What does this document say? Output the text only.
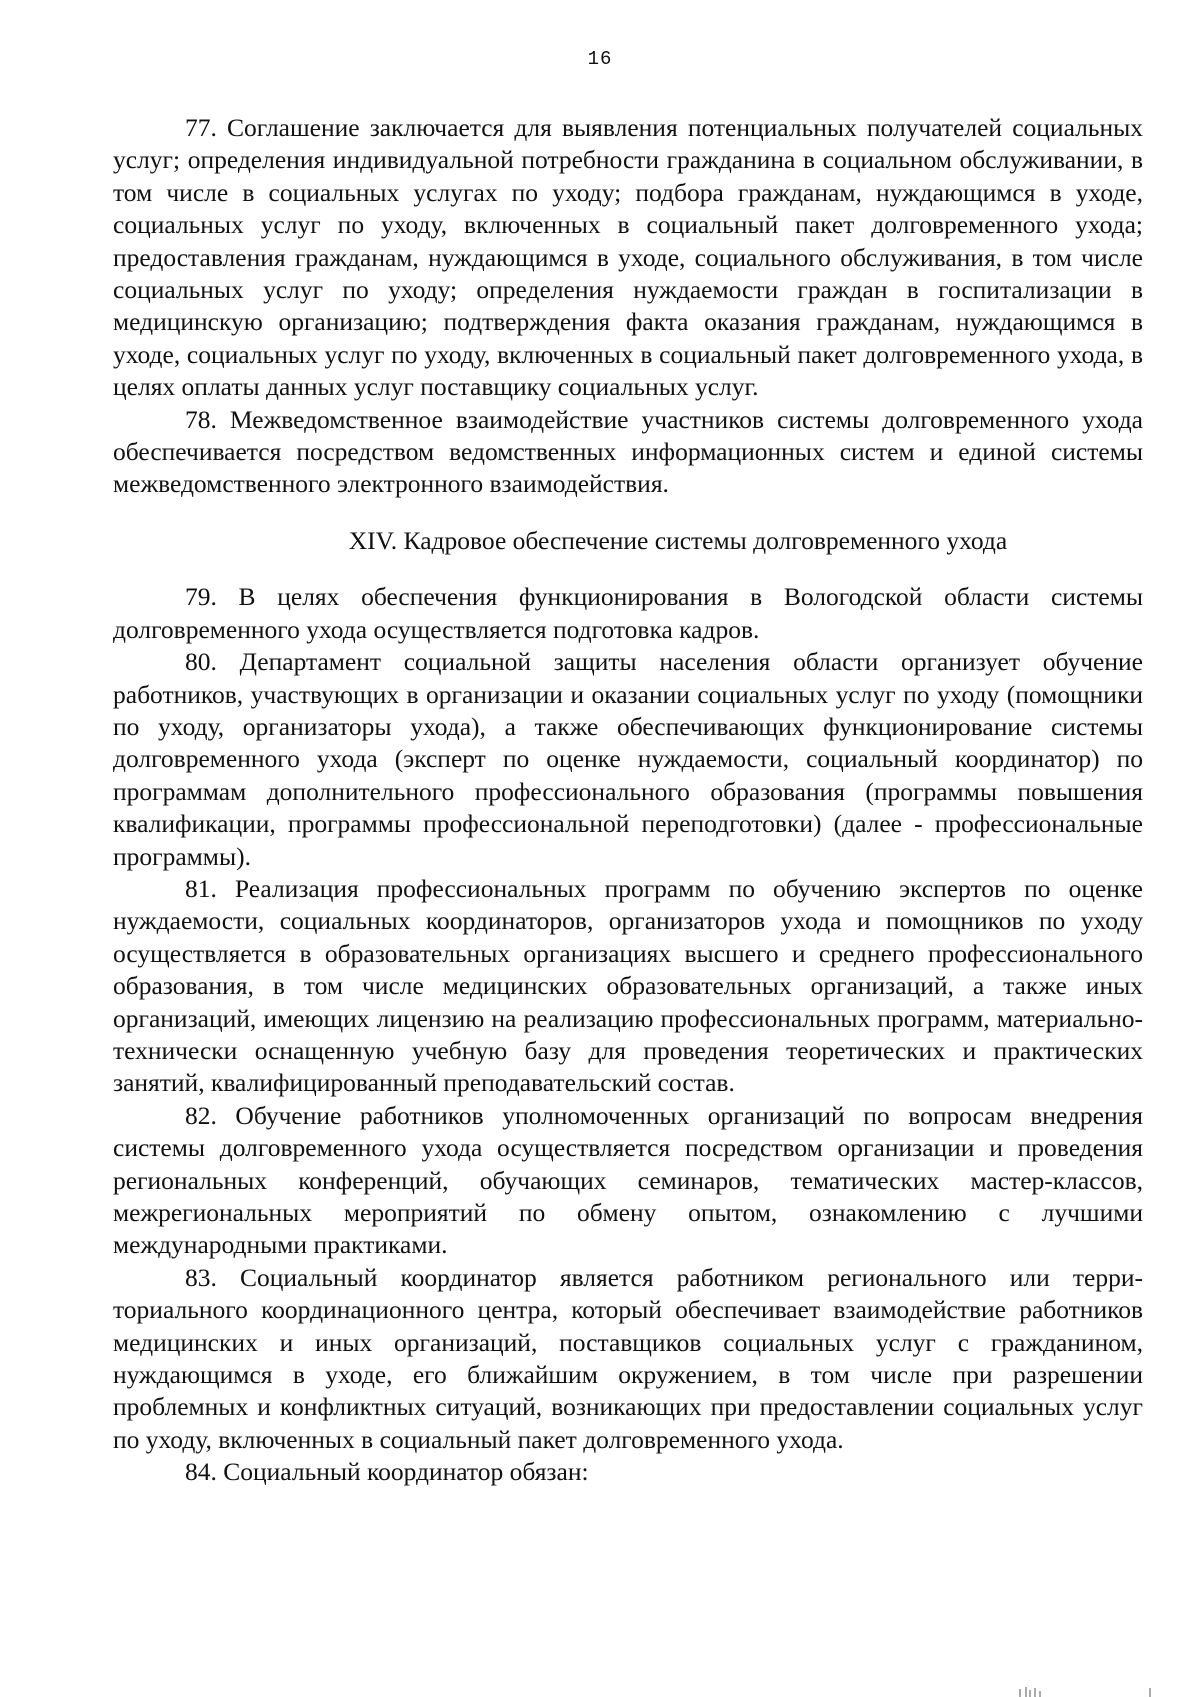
16

77. Соглашение заключается для выявления потенциальных получателей социальных услуг; определения индивидуальной потребности гражданина в социальном обслуживании, в том числе в социальных услугах по уходу; подбора гражданам, нуждающимся в уходе, социальных услуг по уходу, включенных в социальный пакет долговременного ухода; предоставления гражданам, нуждающимся в уходе, социального обслуживания, в том числе социальных услуг по уходу; определения нуждаемости граждан в госпитализации в медицинскую организацию; подтверждения факта оказания гражданам, нуждающимся в уходе, социальных услуг по уходу, включенных в социальный пакет долговременного ухода, в целях оплаты данных услуг поставщику социальных услуг.

78. Межведомственное взаимодействие участников системы долговременного ухода обеспечивается посредством ведомственных информационных систем и единой системы межведомственного электронного взаимодействия.

XIV. Кадровое обеспечение системы долговременного ухода

79. В целях обеспечения функционирования в Вологодской области системы долговременного ухода осуществляется подготовка кадров.

80. Департамент социальной защиты населения области организует обучение работников, участвующих в организации и оказании социальных услуг по уходу (помощники по уходу, организаторы ухода), а также обеспечивающих функционирование системы долговременного ухода (эксперт по оценке нуждаемости, социальный координатор) по программам дополнительного профессионального образования (программы повышения квалификации, программы профессиональной переподготовки) (далее - профессиональные программы).

81. Реализация профессиональных программ по обучению экспертов по оценке нуждаемости, социальных координаторов, организаторов ухода и помощников по уходу осуществляется в образовательных организациях высшего и среднего профессионального образования, в том числе медицинских образовательных организаций, а также иных организаций, имеющих лицензию на реализацию профессиональных программ, материально-технически оснащенную учебную базу для проведения теоретических и практических занятий, квалифицированный преподавательский состав.

82. Обучение работников уполномоченных организаций по вопросам внедрения системы долговременного ухода осуществляется посредством организации и проведения региональных конференций, обучающих семинаров, тематических мастер-классов, межрегиональных мероприятий по обмену опытом, ознакомлению с лучшими международными практиками.

83. Социальный координатор является работником регионального или территориального координационного центра, который обеспечивает взаимодействие работников медицинских и иных организаций, поставщиков социальных услуг с гражданином, нуждающимся в уходе, его ближайшим окружением, в том числе при разрешении проблемных и конфликтных ситуаций, возникающих при предоставлении социальных услуг по уходу, включенных в социальный пакет долговременного ухода.

84. Социальный координатор обязан:
